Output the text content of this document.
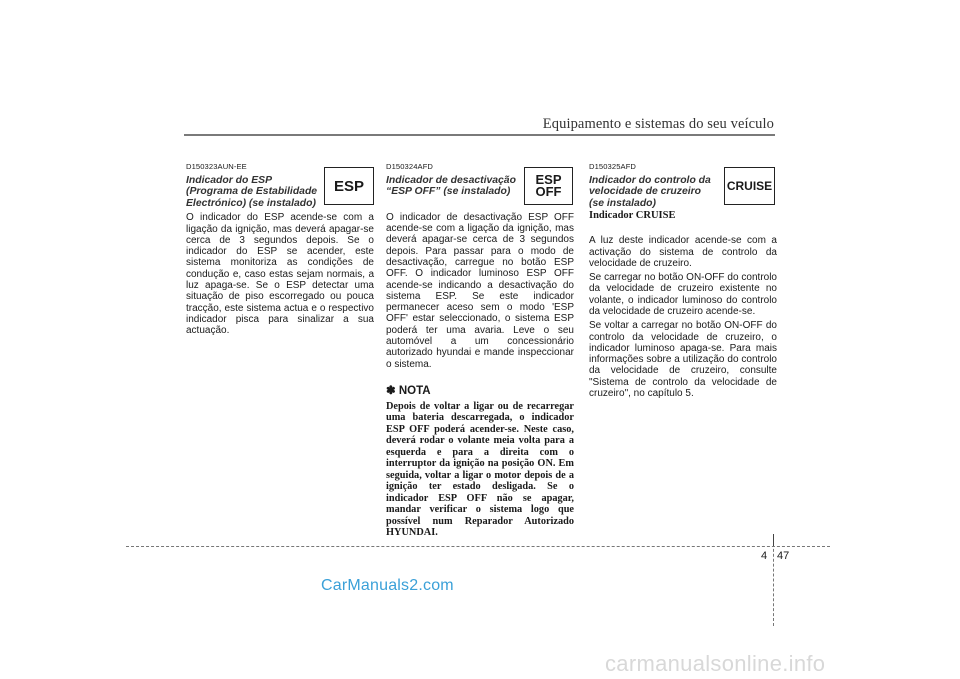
Equipamento e sistemas do seu veículo
ESP

D150323AUN-EE

Indicador do ESP
(Programa de Estabilidade
Electrónico) (se instalado)

O indicador do ESP acende-se com a ligação da ignição, mas deverá apagar-se cerca de 3 segundos depois. Se o indicador do ESP se acender, este sistema monitoriza as condições de condução e, caso estas sejam normais, a luz apaga-se. Se o ESP detectar uma situação de piso escorregado ou pouca tracção, este sistema actua e o respectivo indicador pisca para sinalizar a sua actuação.

ESP
OFF

D150324AFD

Indicador de desactivação
“ESP OFF” (se instalado)

O indicador de desactivação ESP OFF acende-se com a ligação da ignição, mas deverá apagar-se cerca de 3 segundos depois. Para passar para o modo de desactivação, carregue no botão ESP OFF. O indicador luminoso ESP OFF acende-se indicando a desactivação do sistema ESP. Se este indicador permanecer aceso sem o modo 'ESP OFF' estar seleccionado, o sistema ESP poderá ter uma avaria. Leve o seu automóvel a um concessionário autorizado hyundai e mande inspeccionar o sistema.

✽ NOTA

Depois de voltar a ligar ou de recarregar uma bateria descarregada, o indicador ESP OFF poderá acender-se. Neste caso, deverá rodar o volante meia volta para a esquerda e para a direita com o interruptor da ignição na posição ON. Em seguida, voltar a ligar o motor depois de a ignição ter estado desligada. Se o indicador ESP OFF não se apagar, mandar verificar o sistema logo que possível num Reparador Autorizado HYUNDAI.

CRUISE

D150325AFD

Indicador do controlo da
velocidade de cruzeiro
(se instalado)

Indicador CRUISE

A luz deste indicador acende-se com a activação do sistema de controlo da velocidade de cruzeiro.

Se carregar no botão ON-OFF do controlo da velocidade de cruzeiro existente no volante, o indicador luminoso do controlo da velocidade de cruzeiro acende-se.

Se voltar a carregar no botão ON-OFF do controlo da velocidade de cruzeiro, o indicador luminoso apaga-se. Para mais informações sobre a utilização do controlo da velocidade de cruzeiro, consulte "Sistema de controlo da velocidade de cruzeiro", no capítulo 5.

4 47
CarManuals2.com
carmanualsonline.info
